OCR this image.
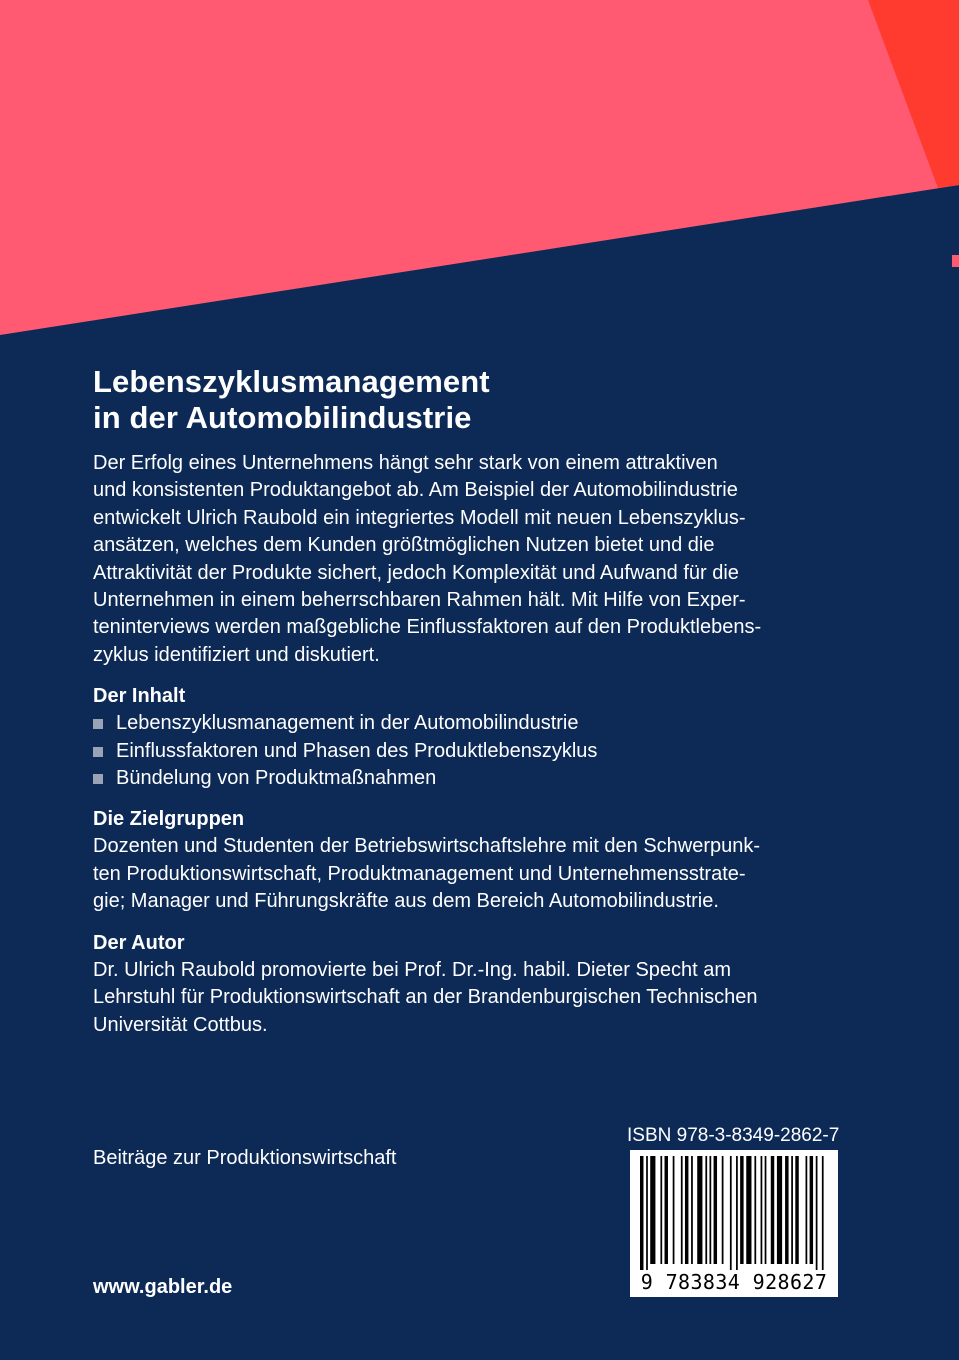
Lebenszyklusmanagement
in der Automobilindustrie

Der Erfolg eines Unternehmens hängt sehr stark von einem attraktiven
und konsistenten Produktangebot ab. Am Beispiel der Automobilindustrie
entwickelt Ulrich Raubold ein integriertes Modell mit neuen Lebenszyklus-
ansätzen, welches dem Kunden größtmöglichen Nutzen bietet und die
Attraktivität der Produkte sichert, jedoch Komplexität und Aufwand für die
Unternehmen in einem beherrschbaren Rahmen hält. Mit Hilfe von Exper-
teninterviews werden maßgebliche Einflussfaktoren auf den Produktlebens-
zyklus identifiziert und diskutiert.

Der Inhalt
Lebenszyklusmanagement in der Automobilindustrie
Einflussfaktoren und Phasen des Produktlebenszyklus
Bündelung von Produktmaßnahmen
Die Zielgruppen

Dozenten und Studenten der Betriebswirtschaftslehre mit den Schwerpunk-
ten Produktionswirtschaft, Produktmanagement und Unternehmensstrate-
gie; Manager und Führungskräfte aus dem Bereich Automobilindustrie.

Der Autor

Dr. Ulrich Raubold promovierte bei Prof. Dr.-Ing. habil. Dieter Specht am
Lehrstuhl für Produktionswirtschaft an der Brandenburgischen Technischen
Universität Cottbus.

Beiträge zur Produktionswirtschaft
www.gabler.de
ISBN 978-3-8349-2862-7
9 783834 928627
